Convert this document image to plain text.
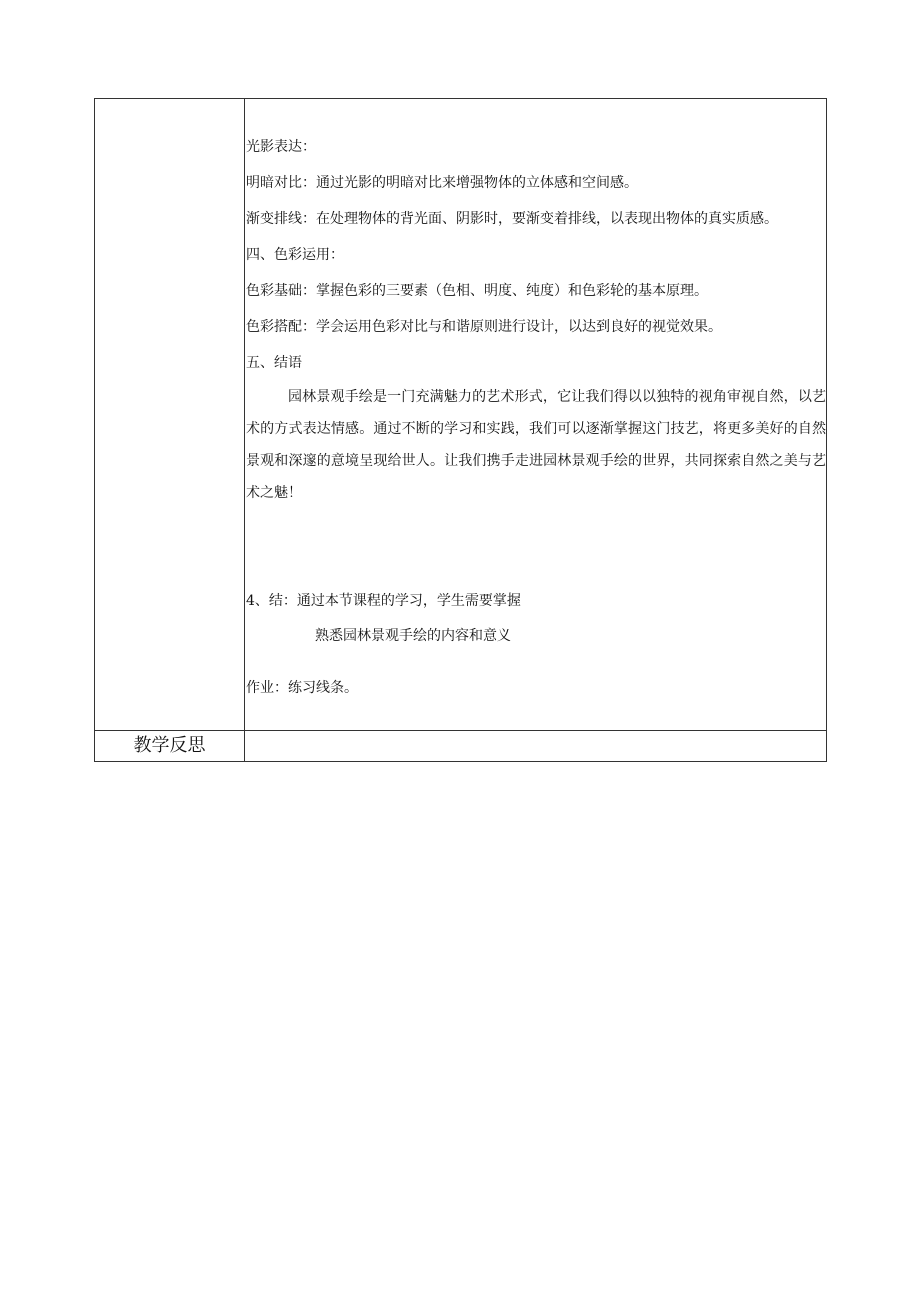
光影表达：
明暗对比：通过光影的明暗对比来增强物体的立体感和空间感。
渐变排线：在处理物体的背光面、阴影时，要渐变着排线，以表现出物体的真实质感。
四、色彩运用：
色彩基础：掌握色彩的三要素（色相、明度、纯度）和色彩轮的基本原理。
色彩搭配：学会运用色彩对比与和谐原则进行设计，以达到良好的视觉效果。
五、结语
园林景观手绘是一门充满魅力的艺术形式，它让我们得以以独特的视角审视自然，以艺术的方式表达情感。通过不断的学习和实践，我们可以逐渐掌握这门技艺，将更多美好的自然景观和深邃的意境呈现给世人。让我们携手走进园林景观手绘的世界，共同探索自然之美与艺术之魅！
4、结：通过本节课程的学习，学生需要掌握
熟悉园林景观手绘的内容和意义
作业：练习线条。
教学反思
